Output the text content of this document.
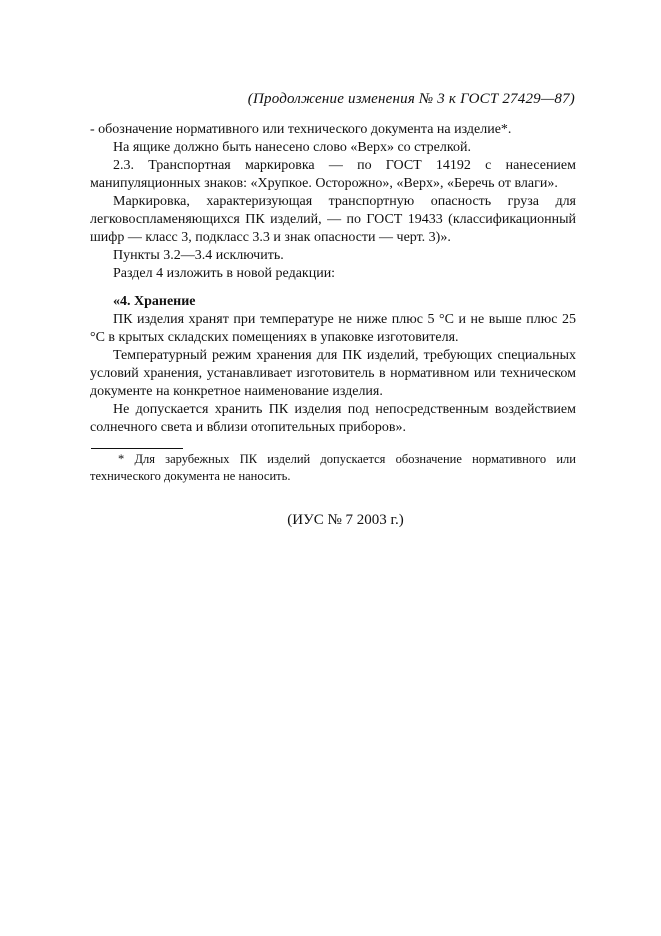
(Продолжение изменения № 3 к ГОСТ 27429—87)

- обозначение нормативного или технического документа на изделие*.

На ящике должно быть нанесено слово «Верх» со стрелкой.

2.3. Транспортная маркировка — по ГОСТ 14192 с нанесением манипуляционных знаков: «Хрупкое. Осторожно», «Верх», «Беречь от влаги».

Маркировка, характеризующая транспортную опасность груза для легковоспламеняющихся ПК изделий, — по ГОСТ 19433 (классификационный шифр — класс 3, подкласс 3.3 и знак опасности — черт. 3)».

Пункты 3.2—3.4 исключить.

Раздел 4 изложить в новой редакции:

«4. Хранение

ПК изделия хранят при температуре не ниже плюс 5 °С и не выше плюс 25 °С в крытых складских помещениях в упаковке изготовителя.

Температурный режим хранения для ПК изделий, требующих специальных условий хранения, устанавливает изготовитель в нормативном или техническом документе на конкретное наименование изделия.

Не допускается хранить ПК изделия под непосредственным воздействием солнечного света и вблизи отопительных приборов».

* Для зарубежных ПК изделий допускается обозначение нормативного или технического документа не наносить.

(ИУС № 7 2003 г.)
